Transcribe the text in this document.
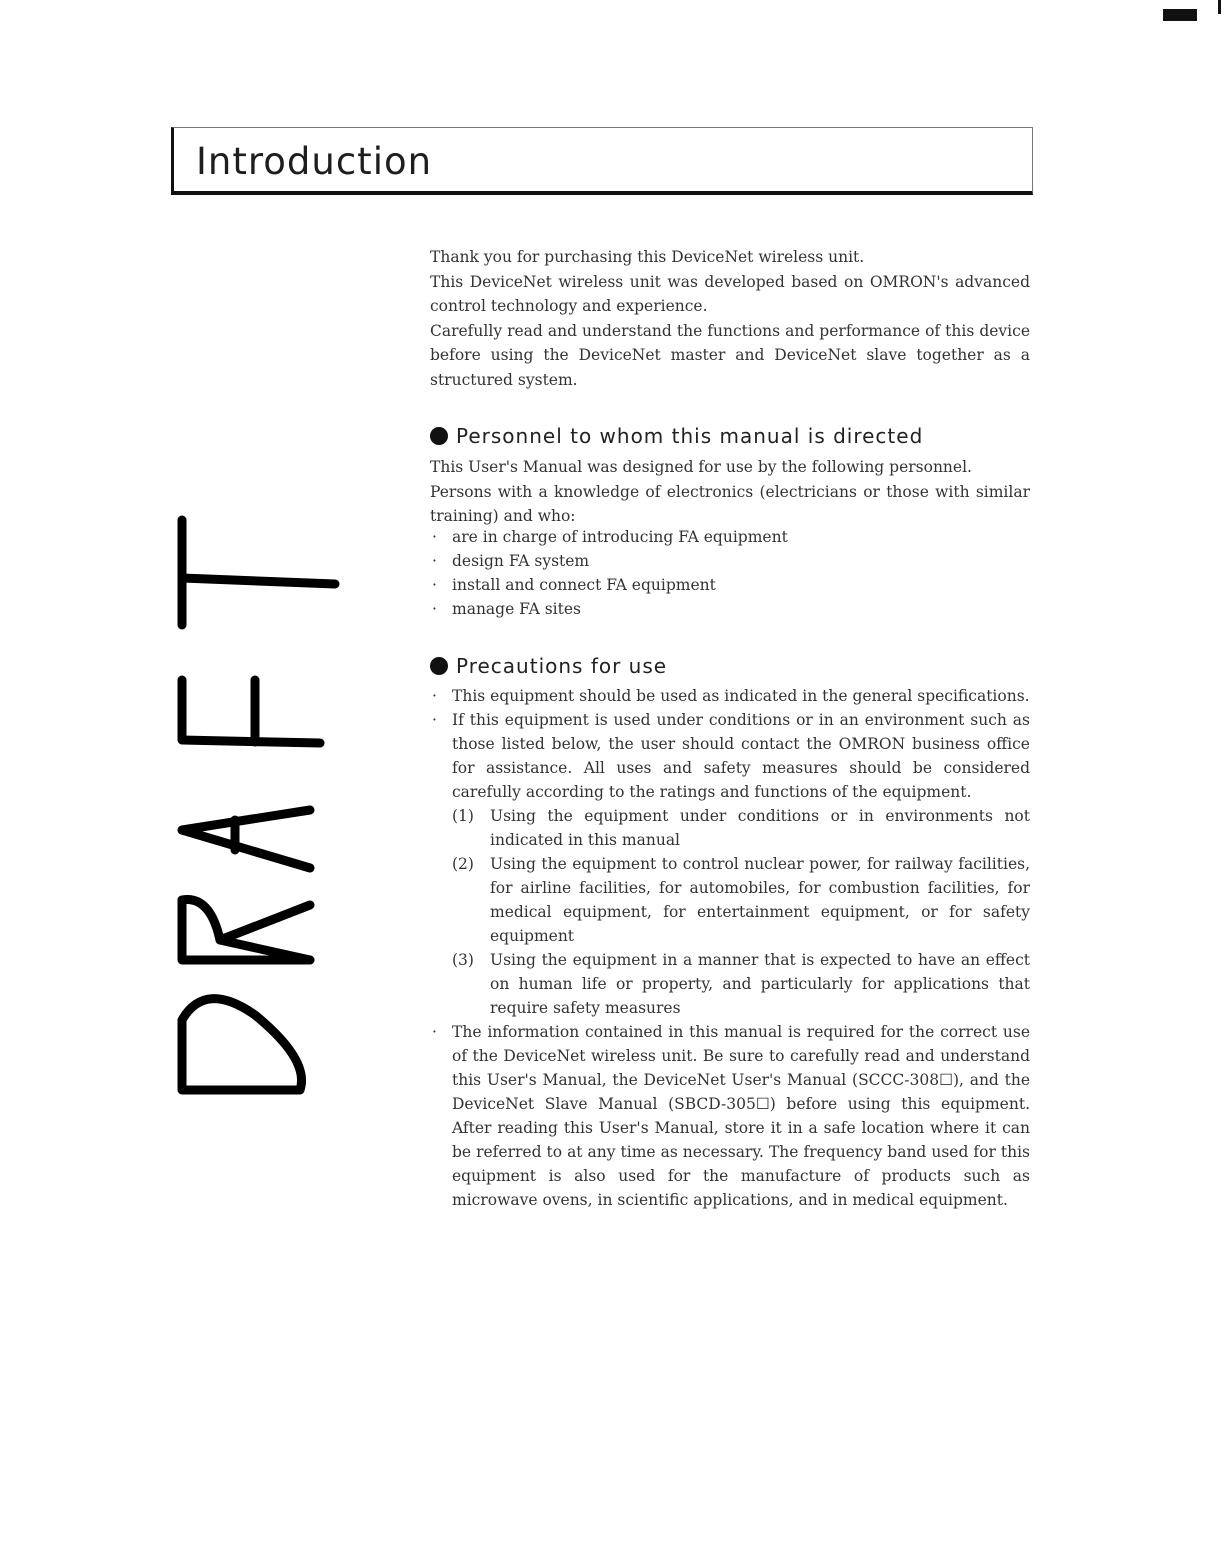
Introduction

Thank you for purchasing this DeviceNet wireless unit.

This DeviceNet wireless unit was developed based on OMRON's advanced control technology and experience.

Carefully read and understand the functions and performance of this device before using the DeviceNet master and DeviceNet slave together as a structured system.

Personnel to whom this manual is directed

This User's Manual was designed for use by the following personnel.

Persons with a knowledge of electronics (electricians or those with similar training) and who:

· are in charge of introducing FA equipment
· design FA system
· install and connect FA equipment
· manage FA sites
Precautions for use
· This equipment should be used as indicated in the general specifications.
· If this equipment is used under conditions or in an environment such as those listed below, the user should contact the OMRON business office for assistance. All uses and safety measures should be considered carefully according to the ratings and functions of the equipment.
(1) Using the equipment under conditions or in environments not indicated in this manual
(2) Using the equipment to control nuclear power, for railway facilities, for airline facilities, for automobiles, for combustion facilities, for medical equipment, for entertainment equipment, or for safety equipment
(3) Using the equipment in a manner that is expected to have an effect on human life or property, and particularly for applications that require safety measures
· The information contained in this manual is required for the correct use of the DeviceNet wireless unit. Be sure to carefully read and understand this User's Manual, the DeviceNet User's Manual (SCCC-308☐), and the DeviceNet Slave Manual (SBCD-305☐) before using this equipment. After reading this User's Manual, store it in a safe location where it can be referred to at any time as necessary. The frequency band used for this equipment is also used for the manufacture of products such as microwave ovens, in scientific applications, and in medical equipment.
